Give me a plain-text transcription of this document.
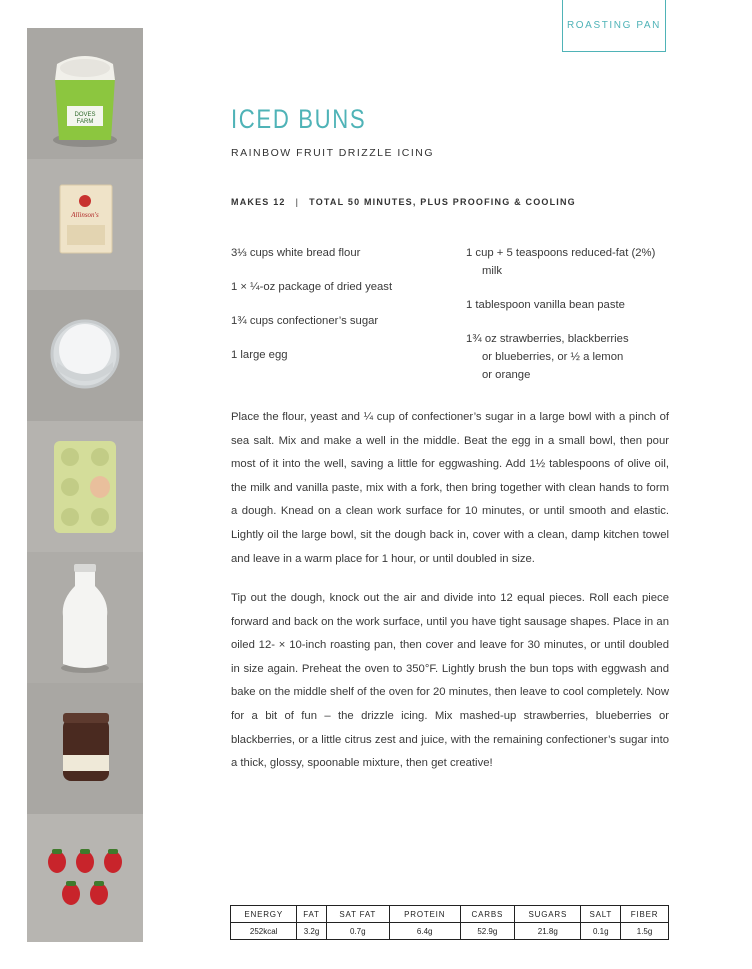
DOVES
FARM
Allinson's
ROASTING PAN
ICED BUNS
RAINBOW FRUIT DRIZZLE ICING
MAKES 12 | TOTAL 50 MINUTES, PLUS PROOFING & COOLING
3⅓ cups white bread flour
1 × ¼-oz package of dried yeast
1¾ cups confectioner’s sugar
1 large egg
1 cup + 5 teaspoons reduced-fat (2%)
milk
1 tablespoon vanilla bean paste
1¾ oz strawberries, blackberries
or blueberries, or ½ a lemon
or orange

Place the flour, yeast and ¼ cup of confectioner’s sugar in a large bowl with a pinch of sea salt. Mix and make a well in the middle. Beat the egg in a small bowl, then pour most of it into the well, saving a little for eggwashing. Add 1½ tablespoons of olive oil, the milk and vanilla paste, mix with a fork, then bring together with clean hands to form a dough. Knead on a clean work surface for 10 minutes, or until smooth and elastic. Lightly oil the large bowl, sit the dough back in, cover with a clean, damp kitchen towel and leave in a warm place for 1 hour, or until doubled in size.

Tip out the dough, knock out the air and divide into 12 equal pieces. Roll each piece forward and back on the work surface, until you have tight sausage shapes. Place in an oiled 12- × 10-inch roasting pan, then cover and leave for 30 minutes, or until doubled in size again. Preheat the oven to 350°F. Lightly brush the bun tops with eggwash and bake on the middle shelf of the oven for 20 minutes, then leave to cool completely. Now for a bit of fun – the drizzle icing. Mix mashed-up strawberries, blueberries or blackberries, or a little citrus zest and juice, with the remaining confectioner’s sugar into a thick, glossy, spoonable mixture, then get creative!

ENERGY	FAT	SAT FAT	PROTEIN	CARBS	SUGARS	SALT	FIBER
252kcal	3.2g	0.7g	6.4g	52.9g	21.8g	0.1g	1.5g
